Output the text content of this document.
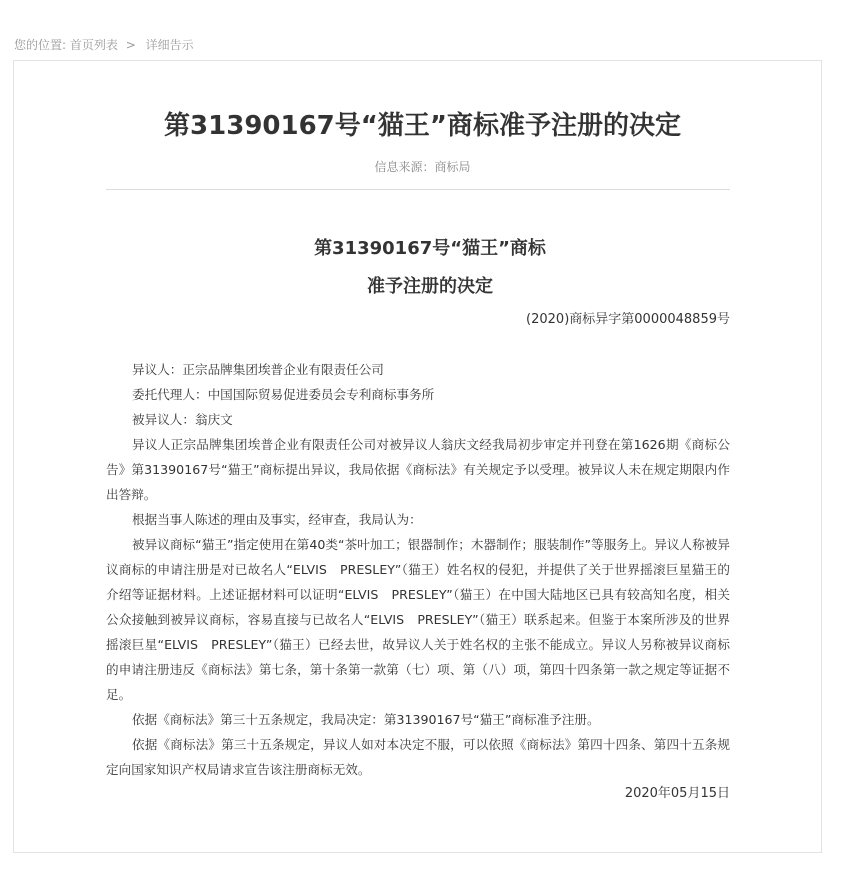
您的位置: 首页列表 > 详细告示
第31390167号“猫王”商标准予注册的决定
信息来源：商标局
第31390167号“猫王”商标
准予注册的决定
(2020)商标异字第0000048859号

异议人：正宗品牌集团埃普企业有限责任公司

委托代理人：中国国际贸易促进委员会专利商标事务所

被异议人：翁庆文

异议人正宗品牌集团埃普企业有限责任公司对被异议人翁庆文经我局初步审定并刊登在第1626期《商标公告》第31390167号“猫王”商标提出异议，我局依据《商标法》有关规定予以受理。被异议人未在规定期限内作出答辩。

根据当事人陈述的理由及事实，经审查，我局认为：

被异议商标“猫王”指定使用在第40类“茶叶加工；银器制作；木器制作；服装制作”等服务上。异议人称被异议商标的申请注册是对已故名人“ELVIS　PRESLEY”（猫王）姓名权的侵犯，并提供了关于世界摇滚巨星猫王的介绍等证据材料。上述证据材料可以证明“ELVIS　PRESLEY”（猫王）在中国大陆地区已具有较高知名度，相关公众接触到被异议商标，容易直接与已故名人“ELVIS　PRESLEY”（猫王）联系起来。但鉴于本案所涉及的世界摇滚巨星“ELVIS　PRESLEY”（猫王）已经去世，故异议人关于姓名权的主张不能成立。异议人另称被异议商标的申请注册违反《商标法》第七条，第十条第一款第（七）项、第（八）项，第四十四条第一款之规定等证据不足。

依据《商标法》第三十五条规定，我局决定：第31390167号“猫王”商标准予注册。

依据《商标法》第三十五条规定，异议人如对本决定不服，可以依照《商标法》第四十四条、第四十五条规定向国家知识产权局请求宣告该注册商标无效。

2020年05月15日
